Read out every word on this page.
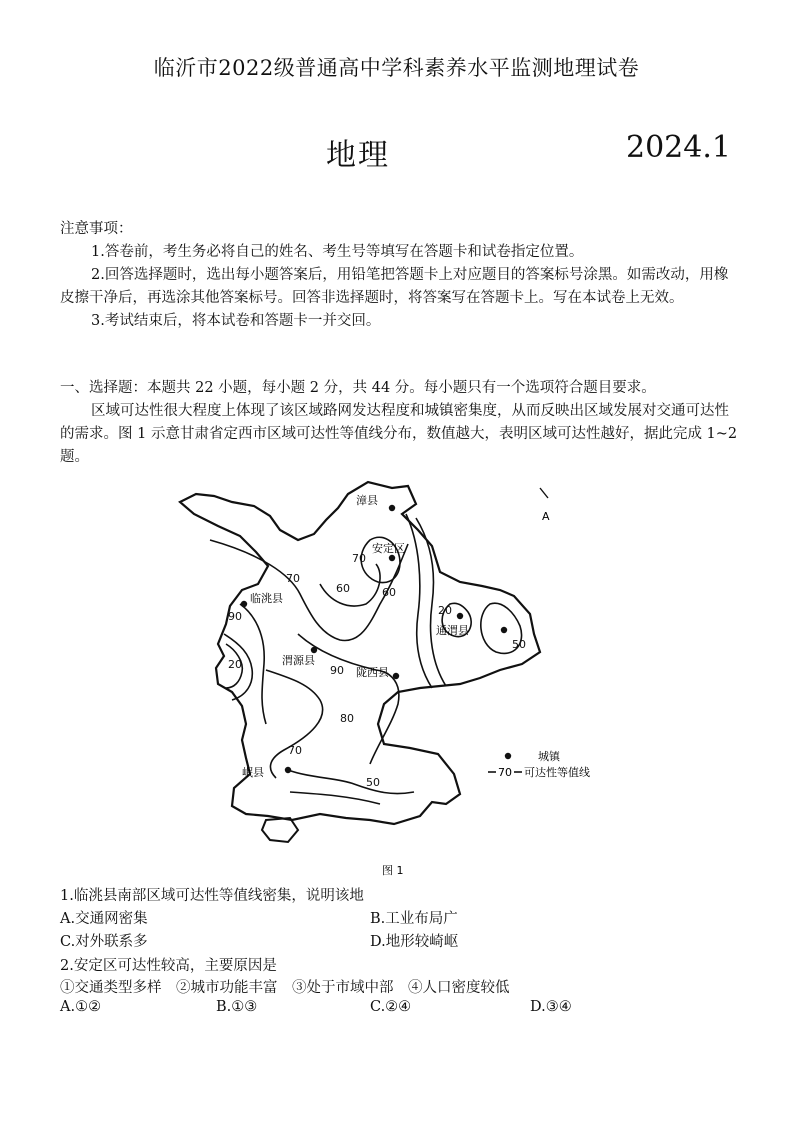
临沂市2022级普通高中学科素养水平监测地理试卷
地理	2024.1

注意事项：

1.答卷前，考生务必将自己的姓名、考生号等填写在答题卡和试卷指定位置。

2.回答选择题时，选出每小题答案后，用铅笔把答题卡上对应题目的答案标号涂黑。如需改动，用橡皮擦干净后，再选涂其他答案标号。回答非选择题时，将答案写在答题卡上。写在本试卷上无效。

3.考试结束后，将本试卷和答题卡一并交回。

一、选择题：本题共 22 小题，每小题 2 分，共 44 分。每小题只有一个选项符合题目要求。

区域可达性很大程度上体现了该区域路网发达程度和城镇密集度，从而反映出区域发展对交通可达性的需求。图 1 示意甘肃省定西市区域可达性等值线分布，数值越大，表明区域可达性越好，据此完成 1~2 题。

70
70
60	60
90
20
20
50
90
80
70
50
漳县
安定区
临洮县
渭源县
陇西县
通渭县
岷县
A
城镇
70 可达性等值线
图 1
1.临洮县南部区域可达性等值线密集，说明该地
A.交通网密集	B.工业布局广
C.对外联系多	D.地形较崎岖
2.安定区可达性较高，主要原因是
①交通类型多样　②城市功能丰富　③处于市域中部　④人口密度较低
A.①②	B.①③	C.②④	D.③④
